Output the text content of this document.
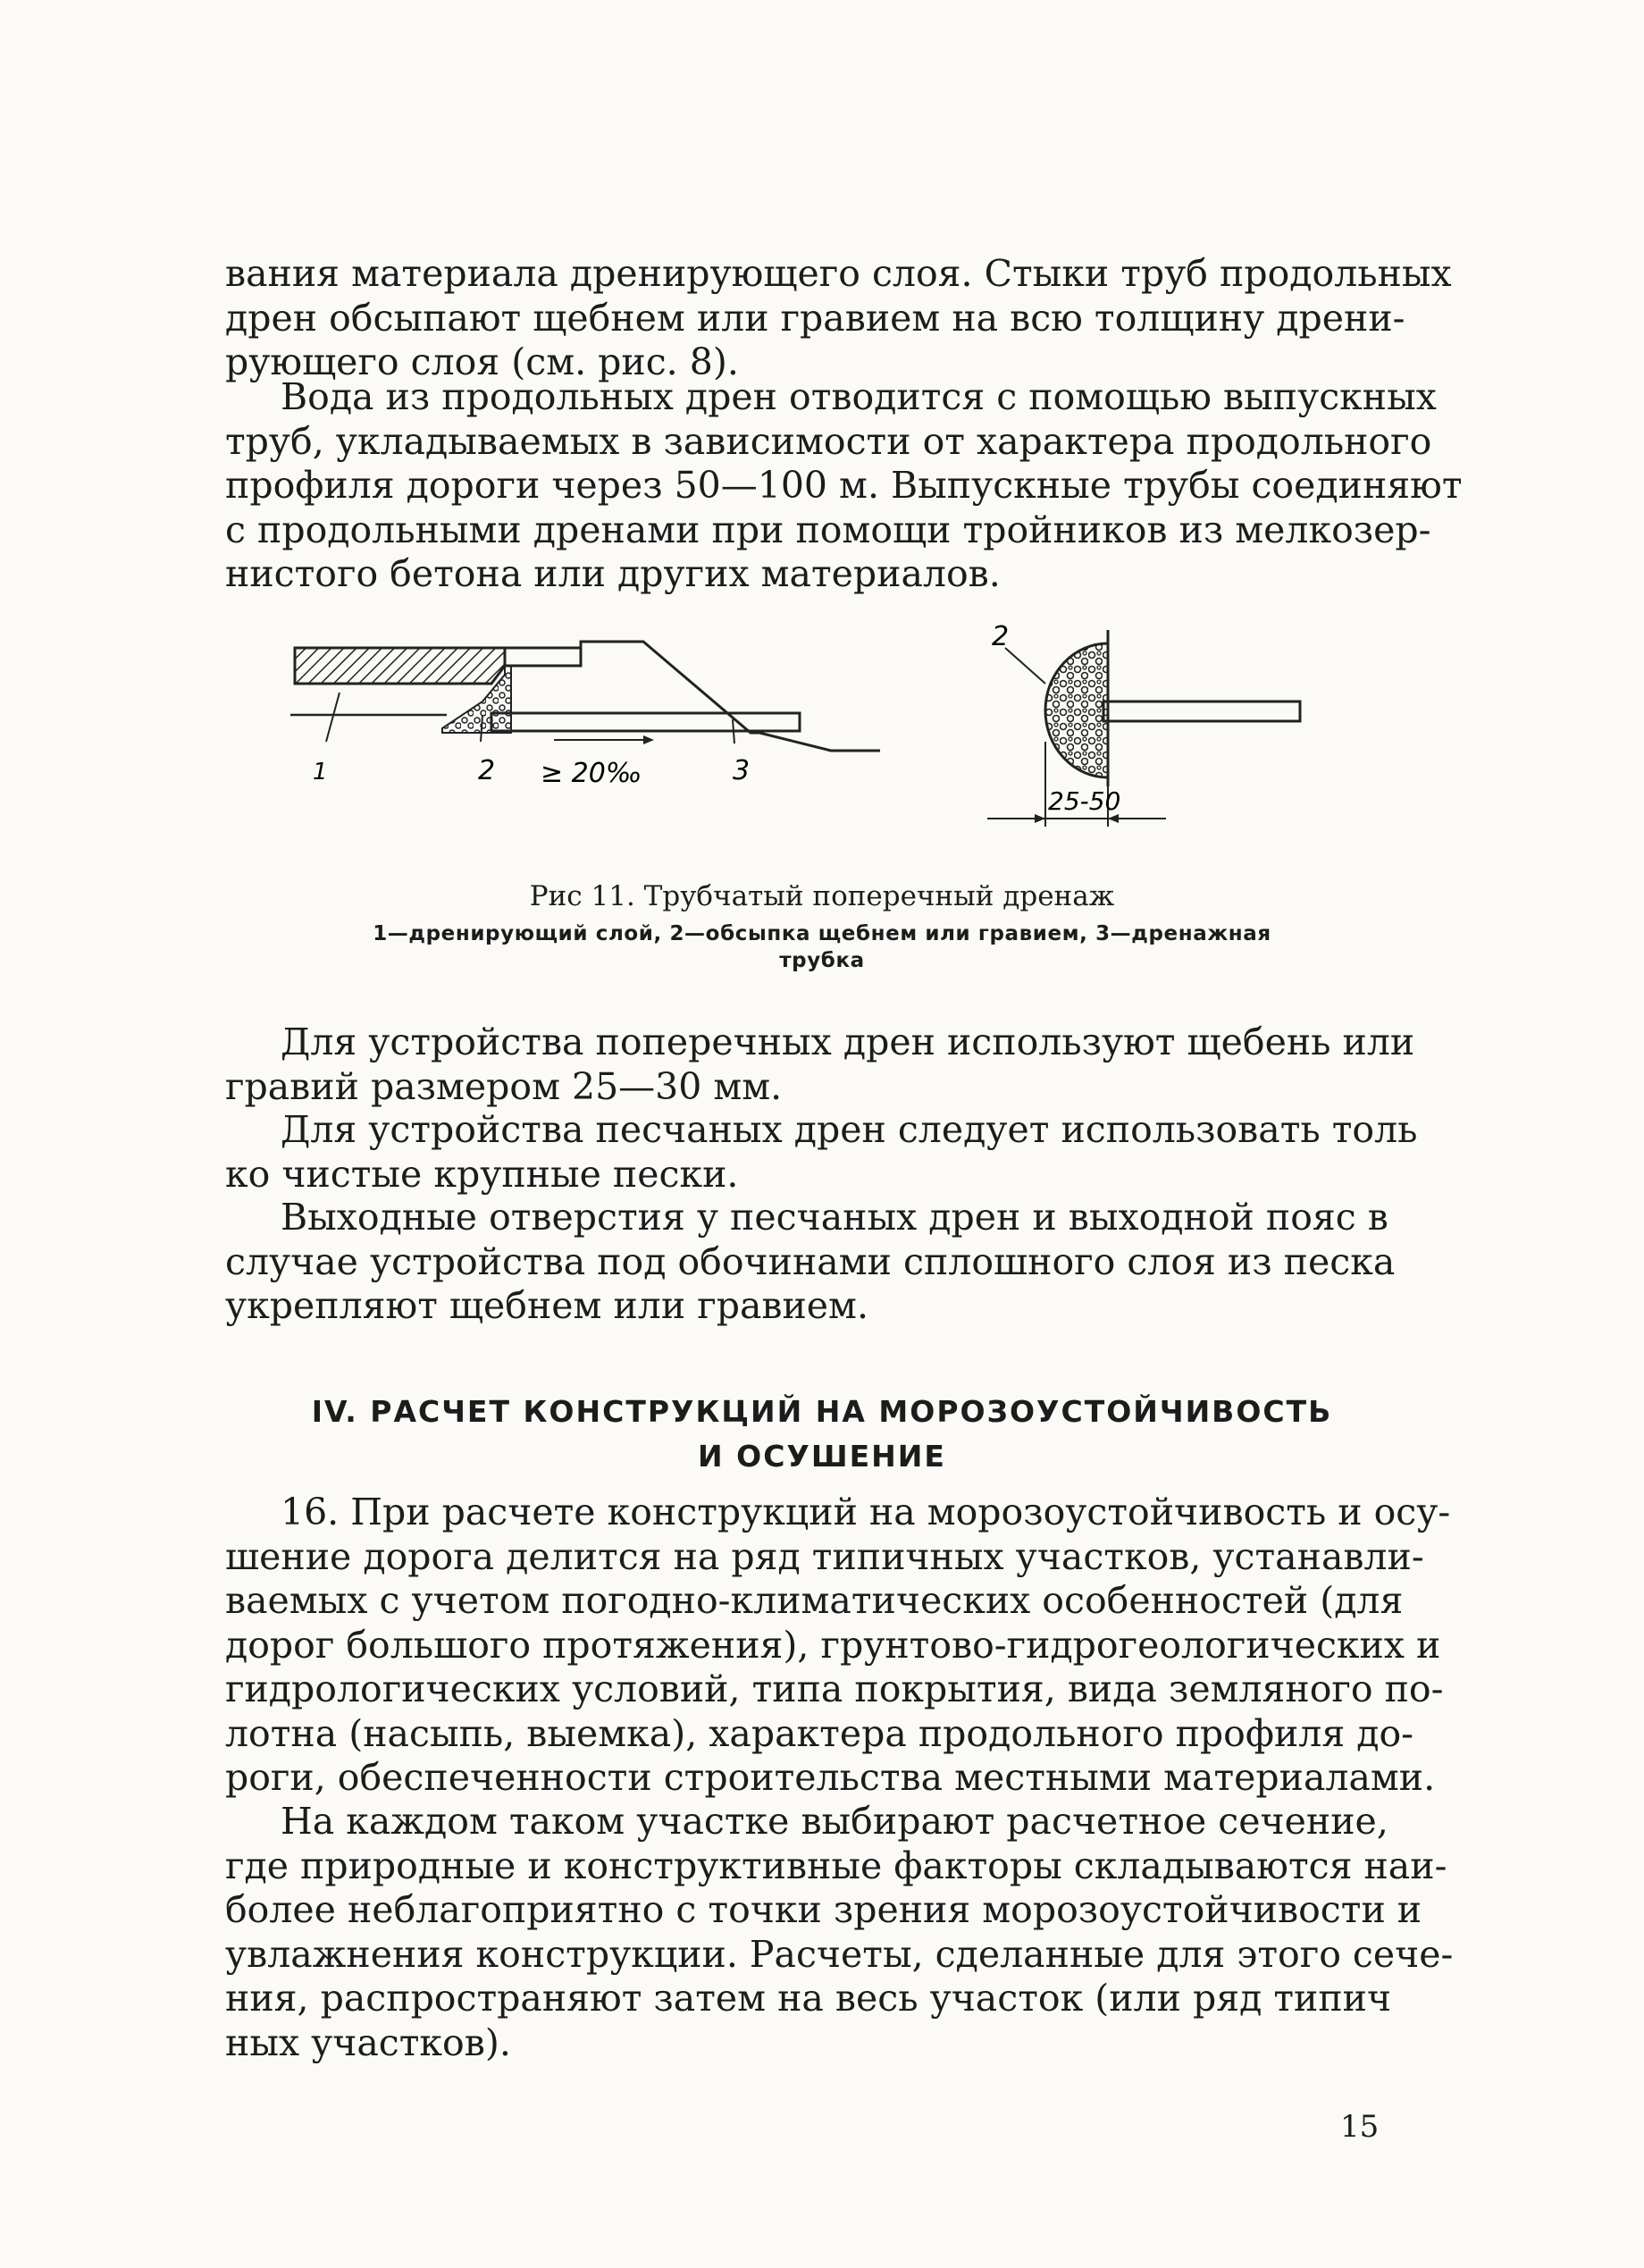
вания материала дренирующего слоя. Стыки труб продольных
дрен обсыпают щебнем или гравием на всю толщину дрени-
рующего слоя (см. рис. 8).
Вода из продольных дрен отводится с помощью выпускных
труб, укладываемых в зависимости от характера продольного
профиля дороги через 50—100 м. Выпускные трубы соединяют
с продольными дренами при помощи тройников из мелкозер-
нистого бетона или других материалов.
1	2 ≥ 20‰	3
2
25-50

Рис 11. Трубчатый поперечный дренаж

1—дренирующий слой, 2—обсыпка щебнем или гравием, 3—дренажная
трубка
Для устройства поперечных дрен используют щебень или
гравий размером 25—30 мм.
Для устройства песчаных дрен следует использовать толь
ко чистые крупные пески.
Выходные отверстия у песчаных дрен и выходной пояс в
случае устройства под обочинами сплошного слоя из песка
укрепляют щебнем или гравием.
IV. РАСЧЕТ КОНСТРУКЦИЙ НА МОРОЗОУСТОЙЧИВОСТЬ
И ОСУШЕНИЕ
16. При расчете конструкций на морозоустойчивость и осу-
шение дорога делится на ряд типичных участков, устанавли-
ваемых с учетом погодно-климатических особенностей (для
дорог большого протяжения), грунтово-гидрогеологических и
гидрологических условий, типа покрытия, вида земляного по-
лотна (насыпь, выемка), характера продольного профиля до-
роги, обеспеченности строительства местными материалами.
На каждом таком участке выбирают расчетное сечение,
где природные и конструктивные факторы складываются наи-
более неблагоприятно с точки зрения морозоустойчивости и
увлажнения конструкции. Расчеты, сделанные для этого сече-
ния, распространяют затем на весь участок (или ряд типич
ных участков).

15
